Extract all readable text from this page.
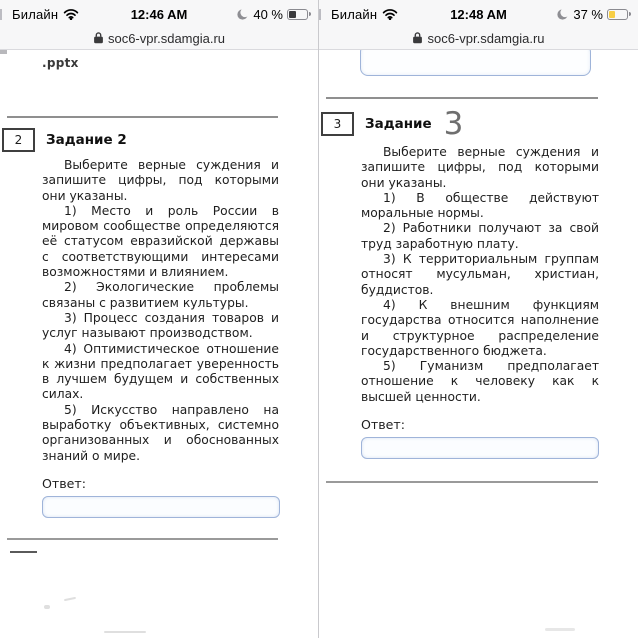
Билайн	12:46 AM	40 %
soc6-vpr.sdamgia.ru
.pptx
2	Задание 2

Выберите верные суждения и запишите цифры, под которыми они указаны.

1) Место и роль России в мировом сообществе определяются её статусом евразийской державы с соответствующими интересами возможностями и влиянием.

2) Экологические проблемы связаны с развитием культуры.

3) Процесс создания товаров и услуг называют производством.

4) Оптимистическое отношение к жизни предполагает уверенность в лучшем будущем и собственных силах.

5) Искусство направлено на выработку объективных, системно организованных и обоснованных знаний о мире.

Ответ:
Билайн	12:48 AM	37 %
soc6-vpr.sdamgia.ru
3	Задание 3

Выберите верные суждения и запишите цифры, под которыми они указаны.

1) В обществе действуют моральные нормы.

2) Работники получают за свой труд заработную плату.

3) К территориальным группам относят мусульман, христиан, буддистов.

4) К внешним функциям государства относится наполнение и структурное распределение государственного бюджета.

5) Гуманизм предполагает отношение к человеку как к высшей ценности.

Ответ:
